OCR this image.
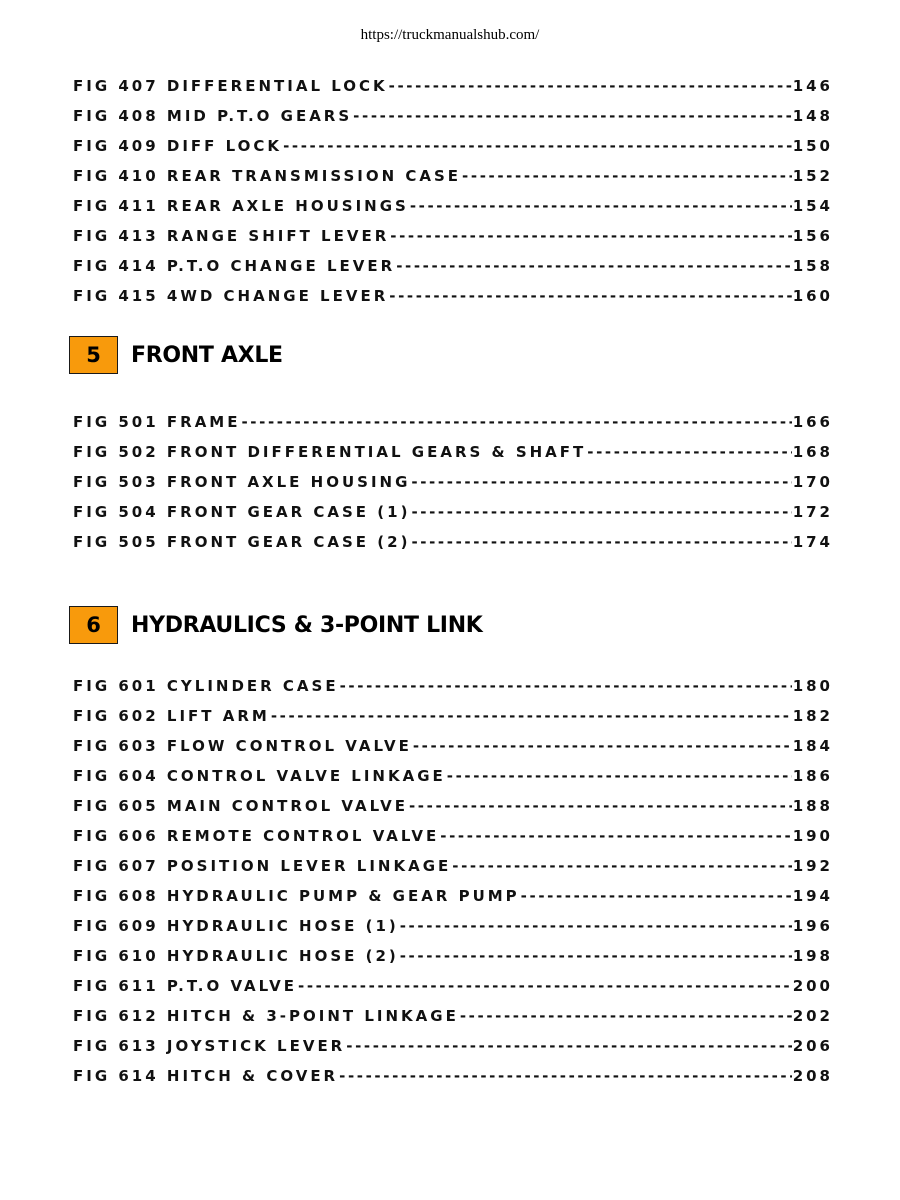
https://truckmanualshub.com/
FIG 407 DIFFERENTIAL LOCK -----	146
FIG 408 MID P.T.O GEARS -----	148
FIG 409 DIFF LOCK -----	150
FIG 410 REAR TRANSMISSION CASE -----	152
FIG 411 REAR AXLE HOUSINGS -----	154
FIG 413 RANGE SHIFT LEVER -----	156
FIG 414 P.T.O CHANGE LEVER -----	158
FIG 415 4WD CHANGE LEVER -----	160
5	FRONT AXLE
FIG 501 FRAME -----	166
FIG 502 FRONT DIFFERENTIAL GEARS & SHAFT -----	168
FIG 503 FRONT AXLE HOUSING -----	170
FIG 504 FRONT GEAR CASE (1) -----	172
FIG 505 FRONT GEAR CASE (2) -----	174
6	HYDRAULICS & 3-POINT LINK
FIG 601 CYLINDER CASE -----	180
FIG 602 LIFT ARM -----	182
FIG 603 FLOW CONTROL VALVE -----	184
FIG 604 CONTROL VALVE LINKAGE -----	186
FIG 605 MAIN CONTROL VALVE -----	188
FIG 606 REMOTE CONTROL VALVE -----	190
FIG 607 POSITION LEVER LINKAGE -----	192
FIG 608 HYDRAULIC PUMP & GEAR PUMP -----	194
FIG 609 HYDRAULIC HOSE (1) -----	196
FIG 610 HYDRAULIC HOSE (2) -----	198
FIG 611 P.T.O VALVE -----	200
FIG 612 HITCH & 3-POINT LINKAGE -----	202
FIG 613 JOYSTICK LEVER -----	206
FIG 614 HITCH & COVER -----	208
